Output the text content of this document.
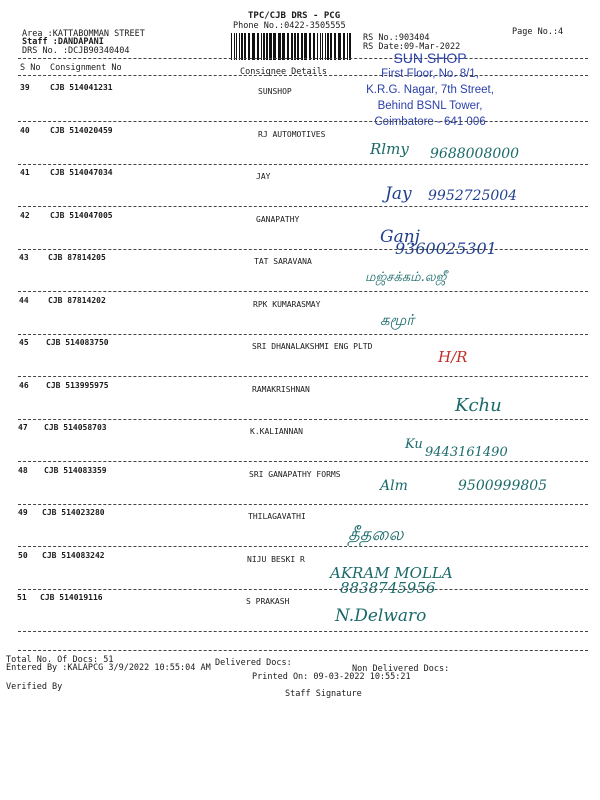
TPC/CJB DRS - PCG
Phone No.:0422-3505555
Area :KATTABOMMAN STREET
Staff :DANDAPANI
DRS No. :DCJB90340404
RS No.:903404
RS Date:09-Mar-2022
Page No.:4
S No Consignment No	Consignee Details
SUN SHOP
First Floor, No. 8/1,
K.R.G. Nagar, 7th Street,
Behind BSNL Tower,
Coimbatore - 641 006
39	CJB 514041231	SUNSHOP
40	CJB 514020459	RJ AUTOMOTIVES
Rlmy 9688008000
41	CJB 514047034	JAY
Jay 9952725004
42	CJB 514047005	GANAPATHY
Ganj
9360025301
43 CJB 87814205	TAT SARAVANA
மஜ்சக்கம்.லஜீ
44 CJB 87814202	RPK KUMARASMAY
கமூர்
45 CJB 514083750	SRI DHANALAKSHMI ENG PLTD
H/R
46 CJB 513995975	RAMAKRISHNAN
Kchu
47 CJB 514058703	K.KALIANNAN
Ku
9443161490
48 CJB 514083359	SRI GANAPATHY FORMS
Alm	9500999805
49 CJB 514023280	THILAGAVATHI
தீதலை
50 CJB 514083242	NIJU BESKI R
AKRAM MOLLA
8838745956
51 CJB 514019116	S PRAKASH
N.Delwaro
Total No. Of Docs: 51	Delivered Docs:
Non Delivered Docs:
Entered By :KALAPCG 3/9/2022 10:55:04 AM
Printed On: 09-03-2022 10:55:21
Verified By
Staff Signature
